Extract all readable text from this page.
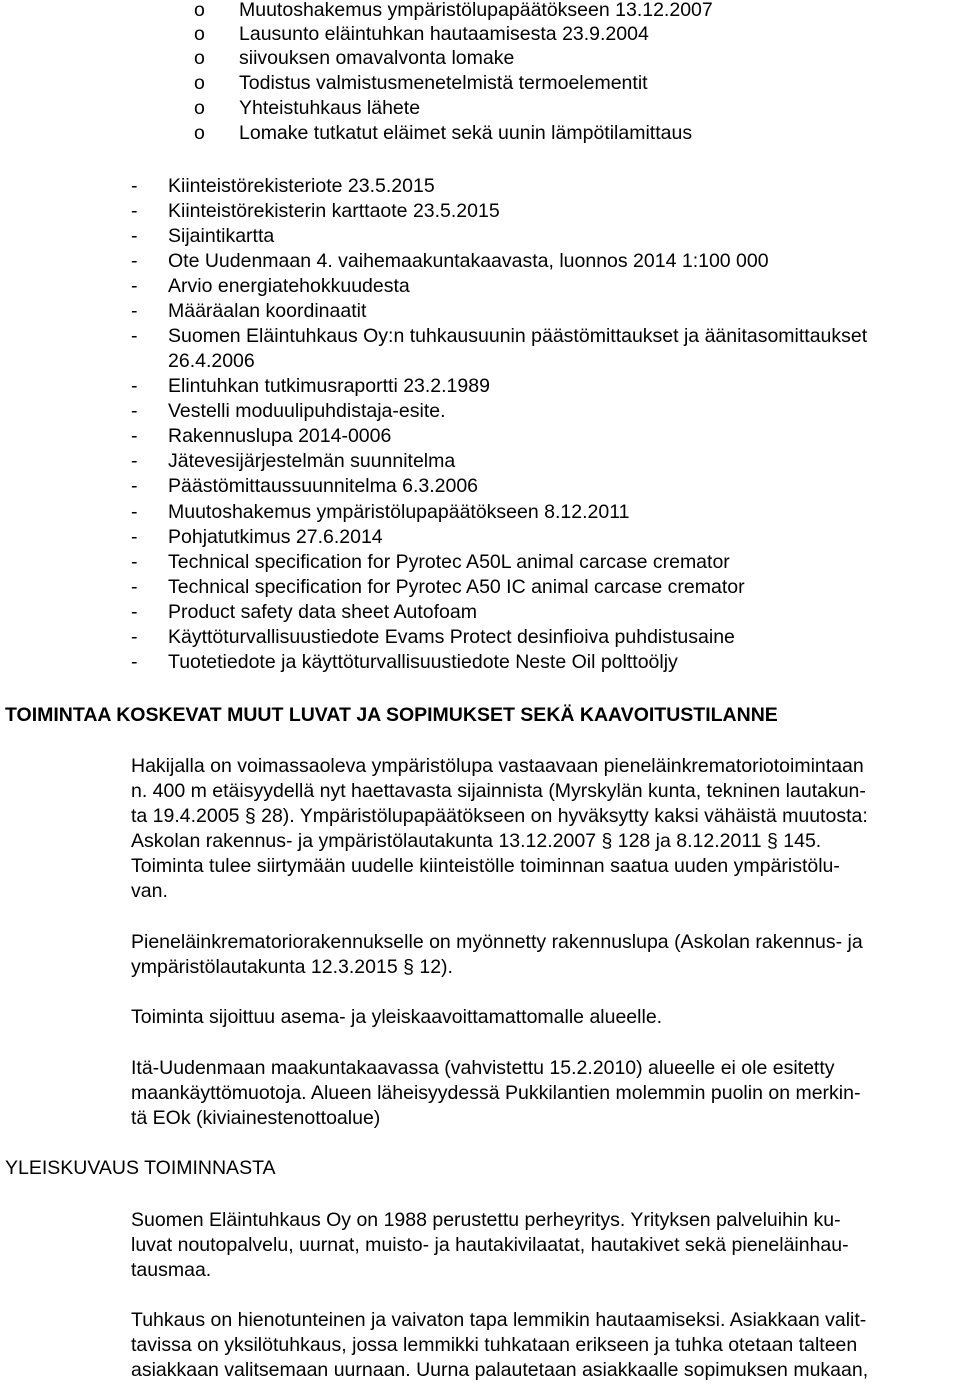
o Muutoshakemus ympäristölupapäätökseen 13.12.2007
o Lausunto eläintuhkan hautaamisesta 23.9.2004
o siivouksen omavalvonta lomake
o Todistus valmistusmenetelmistä termoelementit
o Yhteistuhkaus lähete
o Lomake tutkatut eläimet sekä uunin lämpötilamittaus
- Kiinteistörekisteriote 23.5.2015
- Kiinteistörekisterin karttaote 23.5.2015
- Sijaintikartta
- Ote Uudenmaan 4. vaihemaakuntakaavasta, luonnos 2014 1:100 000
- Arvio energiatehokkuudesta
- Määräalan koordinaatit
- Suomen Eläintuhkaus Oy:n tuhkausuunin päästömittaukset ja äänitasomittaukset
26.4.2006
- Elintuhkan tutkimusraportti 23.2.1989
- Vestelli moduulipuhdistaja-esite.
- Rakennuslupa 2014-0006
- Jätevesijärjestelmän suunnitelma
- Päästömittaussuunnitelma 6.3.2006
- Muutoshakemus ympäristölupapäätökseen 8.12.2011
- Pohjatutkimus 27.6.2014
- Technical specification for Pyrotec A50L animal carcase cremator
- Technical specification for Pyrotec A50 IC animal carcase cremator
- Product safety data sheet Autofoam
- Käyttöturvallisuustiedote Evams Protect desinfioiva puhdistusaine
- Tuotetiedote ja käyttöturvallisuustiedote Neste Oil polttoöljy
TOIMINTAA KOSKEVAT MUUT LUVAT JA SOPIMUKSET SEKÄ KAAVOITUSTILANNE
Hakijalla on voimassaoleva ympäristölupa vastaavaan pieneläinkrematoriotoimintaan
n. 400 m etäisyydellä nyt haettavasta sijainnista (Myrskylän kunta, tekninen lautakun-
ta 19.4.2005 § 28). Ympäristölupapäätökseen on hyväksytty kaksi vähäistä muutosta:
Askolan rakennus- ja ympäristölautakunta 13.12.2007 § 128 ja 8.12.2011 § 145.
Toiminta tulee siirtymään uudelle kiinteistölle toiminnan saatua uuden ympäristölu-
van.
Pieneläinkrematoriorakennukselle on myönnetty rakennuslupa (Askolan rakennus- ja
ympäristölautakunta 12.3.2015 § 12).
Toiminta sijoittuu asema- ja yleiskaavoittamattomalle alueelle.
Itä-Uudenmaan maakuntakaavassa (vahvistettu 15.2.2010) alueelle ei ole esitetty
maankäyttömuotoja. Alueen läheisyydessä Pukkilantien molemmin puolin on merkin-
tä EOk (kiviainestenottoalue)
YLEISKUVAUS TOIMINNASTA
Suomen Eläintuhkaus Oy on 1988 perustettu perheyritys. Yrityksen palveluihin ku-
luvat noutopalvelu, uurnat, muisto- ja hautakivilaatat, hautakivet sekä pieneläinhau-
tausmaa.
Tuhkaus on hienotunteinen ja vaivaton tapa lemmikin hautaamiseksi. Asiakkaan valit-
tavissa on yksilötuhkaus, jossa lemmikki tuhkataan erikseen ja tuhka otetaan talteen
asiakkaan valitsemaan uurnaan. Uurna palautetaan asiakkaalle sopimuksen mukaan,
